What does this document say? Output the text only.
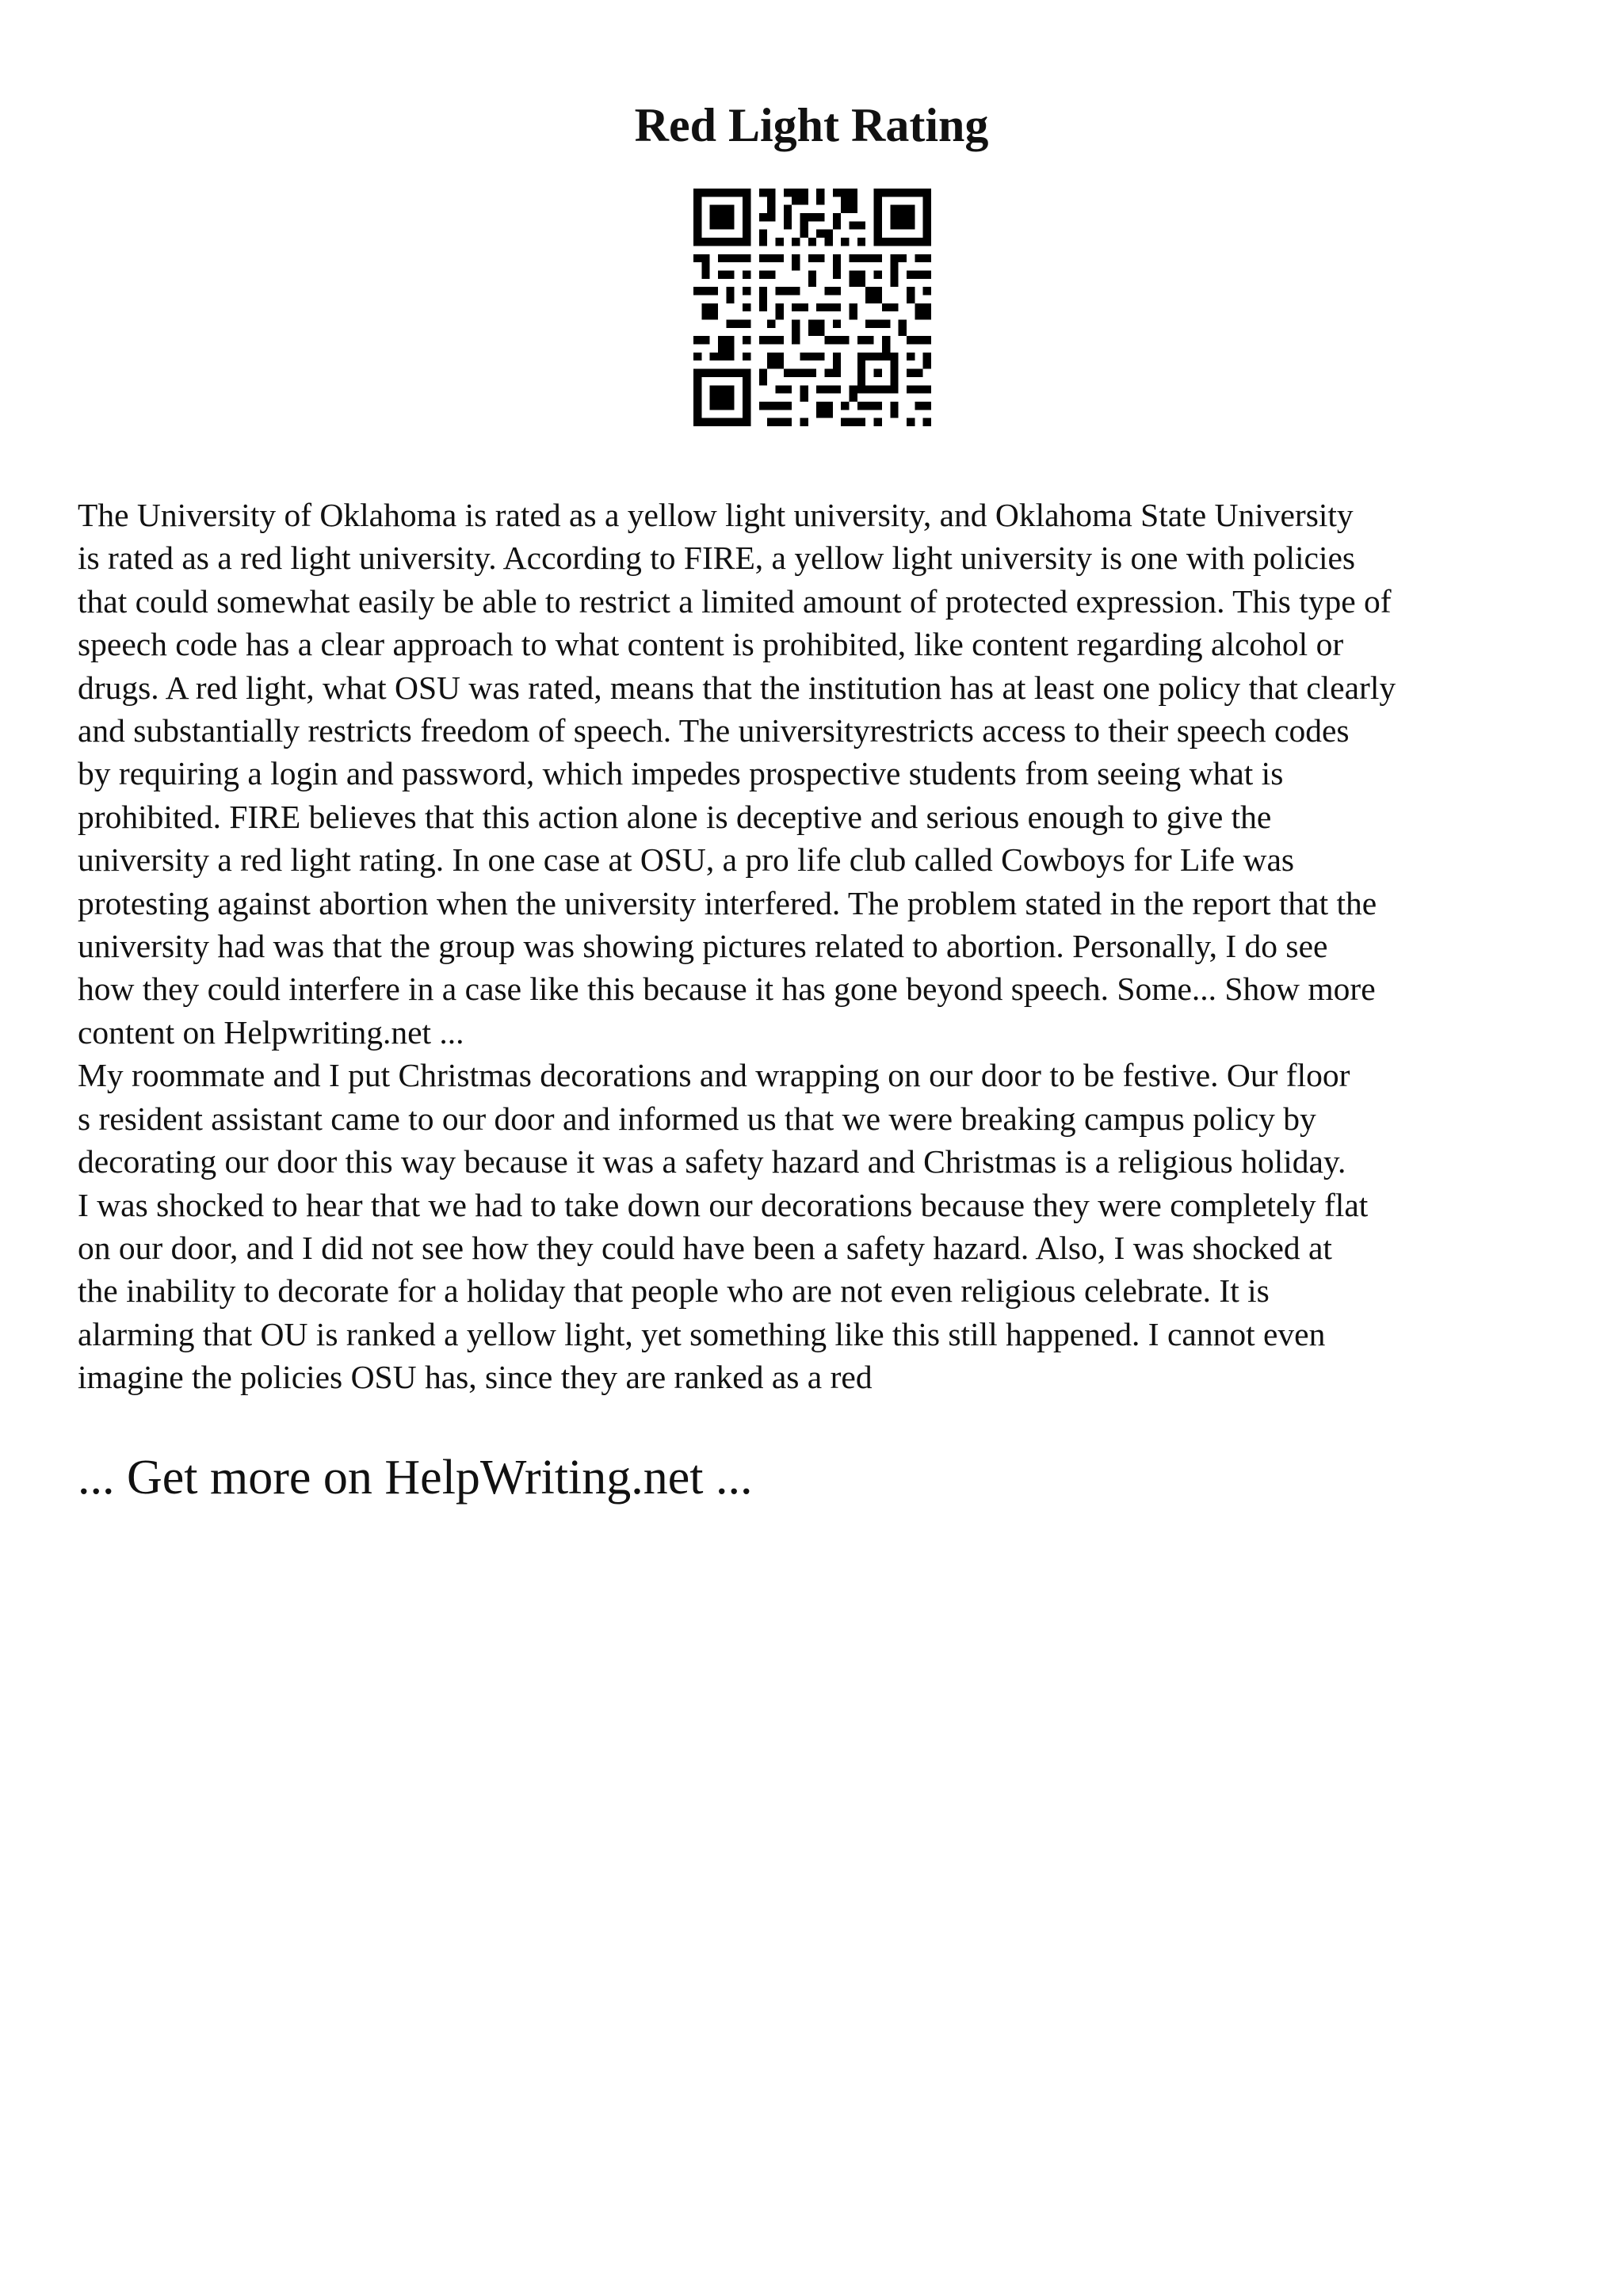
Red Light Rating

The University of Oklahoma is rated as a yellow light university, and Oklahoma State University
is rated as a red light university. According to FIRE, a yellow light university is one with policies
that could somewhat easily be able to restrict a limited amount of protected expression. This type of
speech code has a clear approach to what content is prohibited, like content regarding alcohol or
drugs. A red light, what OSU was rated, means that the institution has at least one policy that clearly
and substantially restricts freedom of speech. The universityrestricts access to their speech codes
by requiring a login and password, which impedes prospective students from seeing what is
prohibited. FIRE believes that this action alone is deceptive and serious enough to give the
university a red light rating. In one case at OSU, a pro life club called Cowboys for Life was
protesting against abortion when the university interfered. The problem stated in the report that the
university had was that the group was showing pictures related to abortion. Personally, I do see
how they could interfere in a case like this because it has gone beyond speech. Some... Show more
content on Helpwriting.net ...

My roommate and I put Christmas decorations and wrapping on our door to be festive. Our floor
s resident assistant came to our door and informed us that we were breaking campus policy by
decorating our door this way because it was a safety hazard and Christmas is a religious holiday.
I was shocked to hear that we had to take down our decorations because they were completely flat
on our door, and I did not see how they could have been a safety hazard. Also, I was shocked at
the inability to decorate for a holiday that people who are not even religious celebrate. It is
alarming that OU is ranked a yellow light, yet something like this still happened. I cannot even
imagine the policies OSU has, since they are ranked as a red

... Get more on HelpWriting.net ...
